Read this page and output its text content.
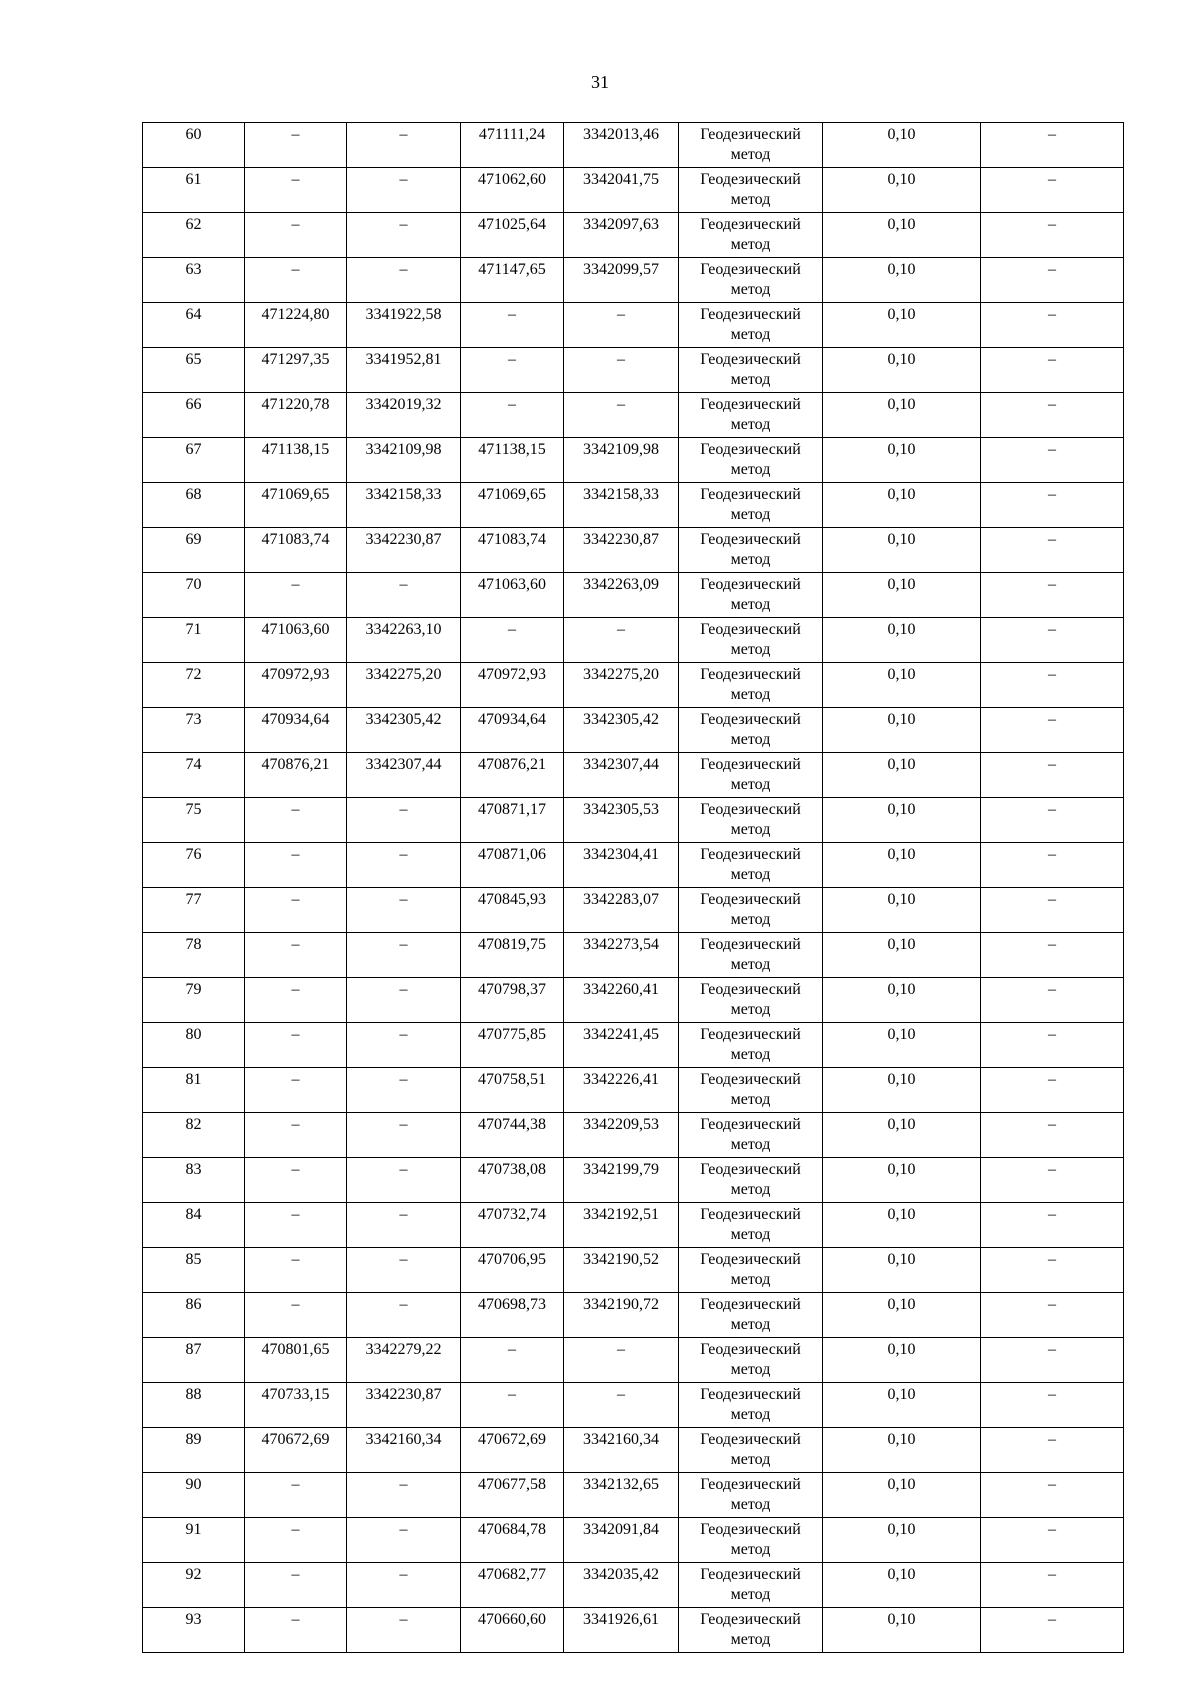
31
60	–	–	471111,24	3342013,46	Геодезический метод	0,10	–
61	–	–	471062,60	3342041,75	Геодезический метод	0,10	–
62	–	–	471025,64	3342097,63	Геодезический метод	0,10	–
63	–	–	471147,65	3342099,57	Геодезический метод	0,10	–
64	471224,80	3341922,58	–	–	Геодезический метод	0,10	–
65	471297,35	3341952,81	–	–	Геодезический метод	0,10	–
66	471220,78	3342019,32	–	–	Геодезический метод	0,10	–
67	471138,15	3342109,98	471138,15	3342109,98	Геодезический метод	0,10	–
68	471069,65	3342158,33	471069,65	3342158,33	Геодезический метод	0,10	–
69	471083,74	3342230,87	471083,74	3342230,87	Геодезический метод	0,10	–
70	–	–	471063,60	3342263,09	Геодезический метод	0,10	–
71	471063,60	3342263,10	–	–	Геодезический метод	0,10	–
72	470972,93	3342275,20	470972,93	3342275,20	Геодезический метод	0,10	–
73	470934,64	3342305,42	470934,64	3342305,42	Геодезический метод	0,10	–
74	470876,21	3342307,44	470876,21	3342307,44	Геодезический метод	0,10	–
75	–	–	470871,17	3342305,53	Геодезический метод	0,10	–
76	–	–	470871,06	3342304,41	Геодезический метод	0,10	–
77	–	–	470845,93	3342283,07	Геодезический метод	0,10	–
78	–	–	470819,75	3342273,54	Геодезический метод	0,10	–
79	–	–	470798,37	3342260,41	Геодезический метод	0,10	–
80	–	–	470775,85	3342241,45	Геодезический метод	0,10	–
81	–	–	470758,51	3342226,41	Геодезический метод	0,10	–
82	–	–	470744,38	3342209,53	Геодезический метод	0,10	–
83	–	–	470738,08	3342199,79	Геодезический метод	0,10	–
84	–	–	470732,74	3342192,51	Геодезический метод	0,10	–
85	–	–	470706,95	3342190,52	Геодезический метод	0,10	–
86	–	–	470698,73	3342190,72	Геодезический метод	0,10	–
87	470801,65	3342279,22	–	–	Геодезический метод	0,10	–
88	470733,15	3342230,87	–	–	Геодезический метод	0,10	–
89	470672,69	3342160,34	470672,69	3342160,34	Геодезический метод	0,10	–
90	–	–	470677,58	3342132,65	Геодезический метод	0,10	–
91	–	–	470684,78	3342091,84	Геодезический метод	0,10	–
92	–	–	470682,77	3342035,42	Геодезический метод	0,10	–
93	–	–	470660,60	3341926,61	Геодезический метод	0,10	–
